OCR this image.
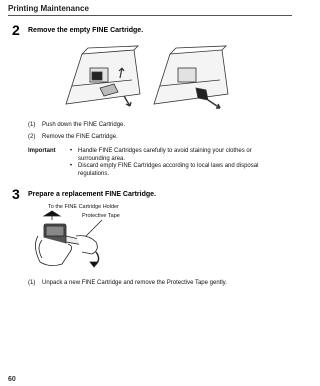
Printing Maintenance
2 Remove the empty FINE Cartridge.
(1) Push down the FINE Cartridge.
(2) Remove the FINE Cartridge.
Important
•	Handle FINE Cartridges carefully to avoid staining your clothes or surrounding area.
• Discard empty FINE Cartridges according to local laws and disposal regulations.
3 Prepare a replacement FINE Cartridge.
To the FINE Cartridge Holder
Protective Tape
(1) Unpack a new FINE Cartridge and remove the Protective Tape gently.
60
